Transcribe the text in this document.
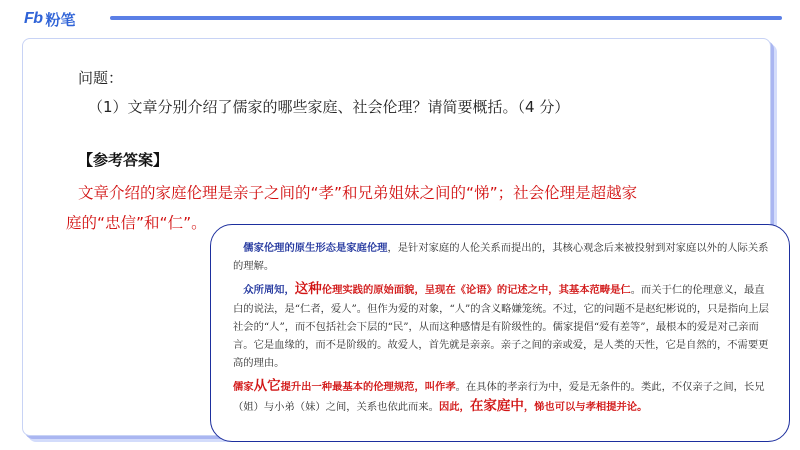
Fb 粉笔
问题：
（1）文章分别介绍了儒家的哪些家庭、社会伦理？请简要概括。（4 分）
【参考答案】
文章介绍的家庭伦理是亲子之间的“孝”和兄弟姐妹之间的“悌”；社会伦理是超越家
庭的“忠信”和“仁”。

 儒家伦理的原生形态是家庭伦理，是针对家庭的人伦关系而提出的，其核心观念后来被投射到对家庭以外的人际关系的理解。

 众所周知，这种伦理实践的原始面貌，呈现在《论语》的记述之中，其基本范畴是仁。而关于仁的伦理意义，最直白的说法，是“仁者，爱人”。但作为爱的对象，“人”的含义略嫌笼统。不过，它的问题不是赵纪彬说的，只是指向上层社会的“人”，而不包括社会下层的“民”，从而这种感情是有阶级性的。儒家提倡“爱有差等”，最根本的爱是对己亲而言。它是血缘的，而不是阶级的。故爱人，首先就是亲亲。亲子之间的亲或爱，是人类的天性，它是自然的，不需要更高的理由。

儒家从它提升出一种最基本的伦理规范，叫作孝。在具体的孝亲行为中，爱是无条件的。类此，不仅亲子之间，长兄（姐）与小弟（妹）之间，关系也依此而来。因此，在家庭中，悌也可以与孝相提并论。
